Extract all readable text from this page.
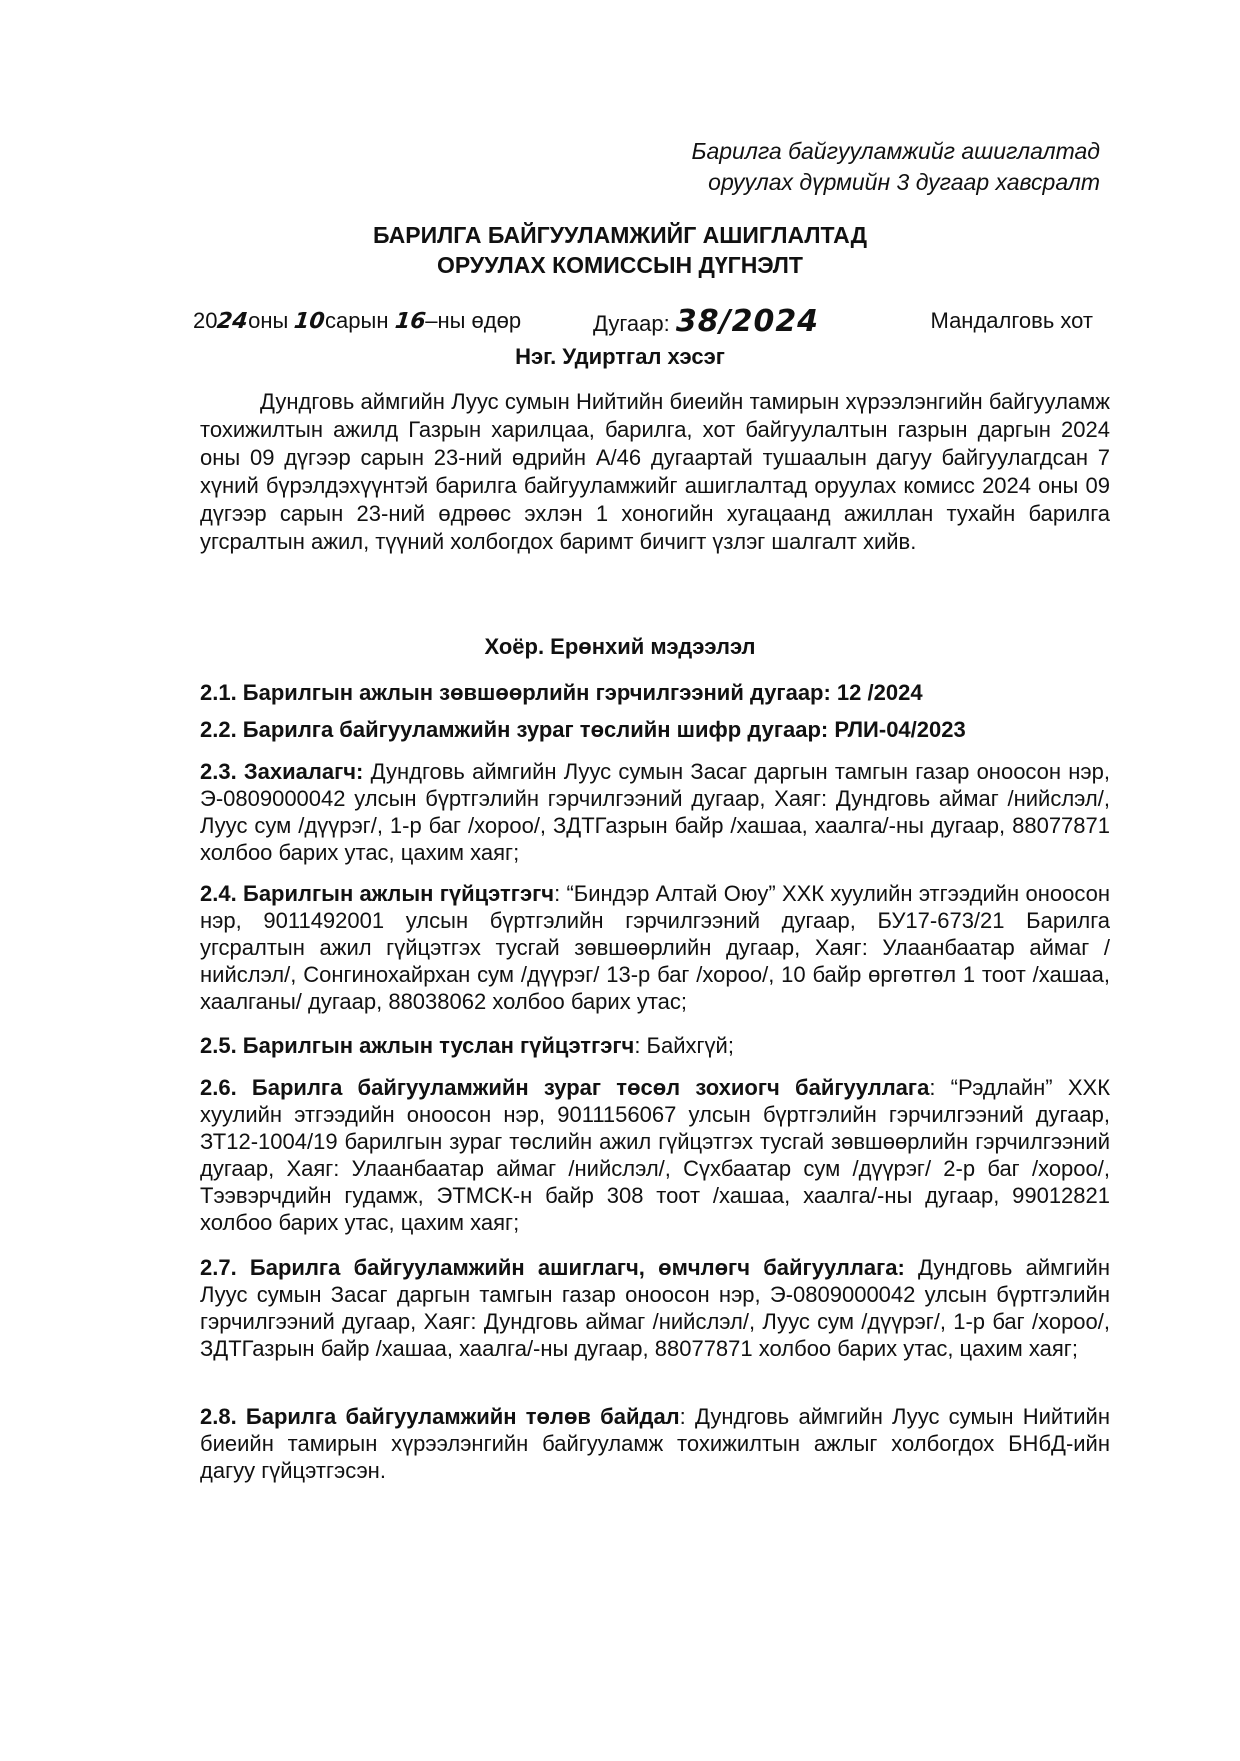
Барилга байгууламжийг ашиглалтад
оруулах дүрмийн 3 дугаар хавсралт
БАРИЛГА БАЙГУУЛАМЖИЙГ АШИГЛАЛТАД
ОРУУЛАХ КОМИССЫН ДҮГНЭЛТ
2024оны 10сарын 16–ны өдөр	Дугаар: 38/2024	Мандалговь хот
Нэг. Удиртгал хэсэг
Дундговь аймгийн Луус сумын Нийтийн биеийн тамирын хүрээлэнгийн байгууламж тохижилтын ажилд Газрын харилцаа, барилга, хот байгуулалтын газрын даргын 2024 оны 09 дүгээр сарын 23-ний өдрийн А/46 дугаартай тушаалын дагуу байгуулагдсан 7 хүний бүрэлдэхүүнтэй барилга байгууламжийг ашиглалтад оруулах комисс 2024 оны 09 дүгээр сарын 23-ний өдрөөс эхлэн 1 хоногийн хугацаанд ажиллан тухайн барилга угсралтын ажил, түүний холбогдох баримт бичигт үзлэг шалгалт хийв.
Хоёр. Ерөнхий мэдээлэл
2.1. Барилгын ажлын зөвшөөрлийн гэрчилгээний дугаар: 12 /2024
2.2. Барилга байгууламжийн зураг төслийн шифр дугаар: РЛИ-04/2023
2.3. Захиалагч: Дундговь аймгийн Луус сумын Засаг даргын тамгын газар оноосон нэр, Э-0809000042 улсын бүртгэлийн гэрчилгээний дугаар, Хаяг: Дундговь аймаг /нийслэл/, Луус сум /дүүрэг/, 1-р баг /хороо/, ЗДТГазрын байр /хашаа, хаалга/-ны дугаар, 88077871 холбоо барих утас, цахим хаяг;
2.4. Барилгын ажлын гүйцэтгэгч: “Биндэр Алтай Оюу” ХХК хуулийн этгээдийн оноосон нэр, 9011492001 улсын бүртгэлийн гэрчилгээний дугаар, БУ17-673/21 Барилга угсралтын ажил гүйцэтгэх тусгай зөвшөөрлийн дугаар, Хаяг: Улаанбаатар аймаг /нийслэл/, Сонгинохайрхан сум /дүүрэг/ 13-р баг /хороо/, 10 байр өргөтгөл 1 тоот /хашаа, хаалганы/ дугаар, 88038062 холбоо барих утас;
2.5. Барилгын ажлын туслан гүйцэтгэгч: Байхгүй;
2.6. Барилга байгууламжийн зураг төсөл зохиогч байгууллага: “Рэдлайн” ХХК хуулийн этгээдийн оноосон нэр, 9011156067 улсын бүртгэлийн гэрчилгээний дугаар, ЗТ12-1004/19 барилгын зураг төслийн ажил гүйцэтгэх тусгай зөвшөөрлийн гэрчилгээний дугаар, Хаяг: Улаанбаатар аймаг /нийслэл/, Сүхбаатар сум /дүүрэг/ 2-р баг /хороо/, Тээвэрчдийн гудамж, ЭТМСК-н байр 308 тоот /хашаа, хаалга/-ны дугаар, 99012821 холбоо барих утас, цахим хаяг;
2.7. Барилга байгууламжийн ашиглагч, өмчлөгч байгууллага: Дундговь аймгийн Луус сумын Засаг даргын тамгын газар оноосон нэр, Э-0809000042 улсын бүртгэлийн гэрчилгээний дугаар, Хаяг: Дундговь аймаг /нийслэл/, Луус сум /дүүрэг/, 1-р баг /хороо/, ЗДТГазрын байр /хашаа, хаалга/-ны дугаар, 88077871 холбоо барих утас, цахим хаяг;
2.8. Барилга байгууламжийн төлөв байдал: Дундговь аймгийн Луус сумын Нийтийн биеийн тамирын хүрээлэнгийн байгууламж тохижилтын ажлыг холбогдох БНбД-ийн дагуу гүйцэтгэсэн.
